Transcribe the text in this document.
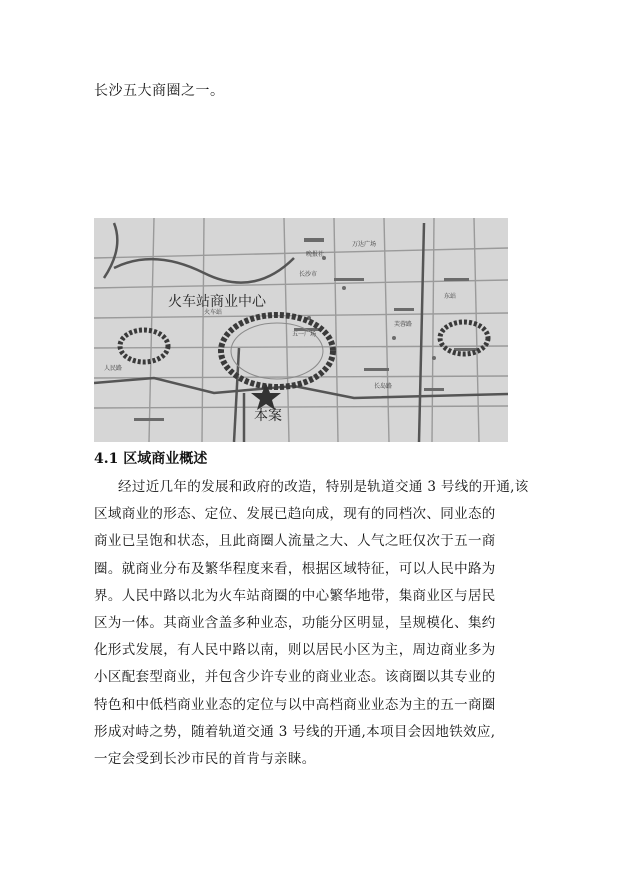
长沙五大商圈之一。

火车站商业中心
本案
长沙市
五一广场
芙蓉路
人民路
万达广场
火车站
东站
长岛路
晚报社
4.1 区域商业概述
经过近几年的发展和政府的改造，特别是轨道交通 3 号线的开通,该
区域商业的形态、定位、发展已趋向成，现有的同档次、同业态的
商业已呈饱和状态，且此商圈人流量之大、人气之旺仅次于五一商
圈。就商业分布及繁华程度来看，根据区域特征，可以人民中路为
界。人民中路以北为火车站商圈的中心繁华地带，集商业区与居民
区为一体。其商业含盖多种业态，功能分区明显，呈规模化、集约
化形式发展，有人民中路以南，则以居民小区为主，周边商业多为
小区配套型商业，并包含少许专业的商业业态。该商圈以其专业的
特色和中低档商业业态的定位与以中高档商业业态为主的五一商圈
形成对峙之势，随着轨道交通 3 号线的开通,本项目会因地铁效应,
一定会受到长沙市民的首肯与亲睐。
